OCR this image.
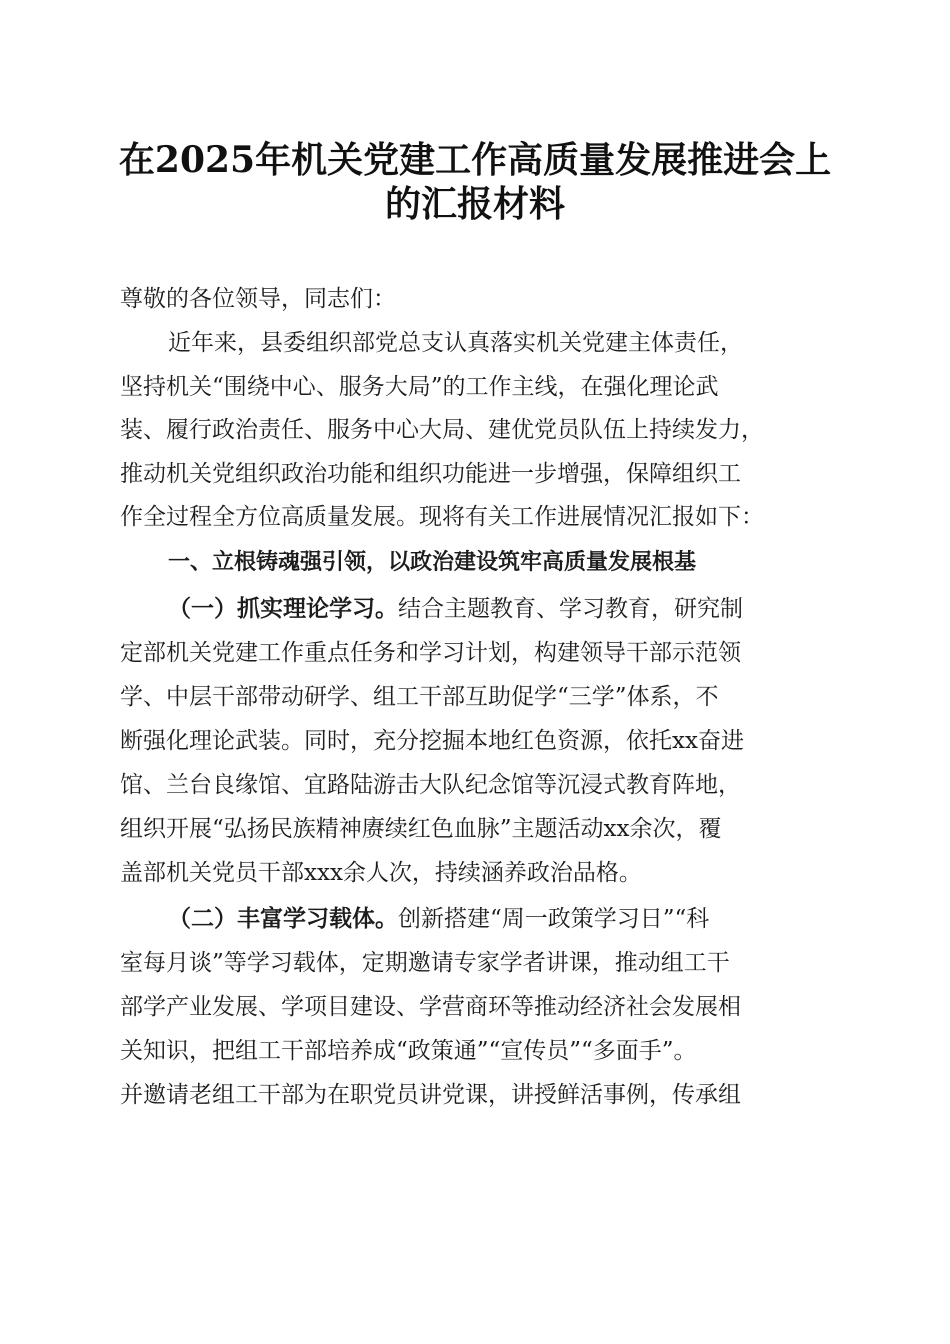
在2025年机关党建工作高质量发展推进会上
的汇报材料

尊敬的各位领导，同志们：

近年来，县委组织部党总支认真落实机关党建主体责任，

坚持机关“围绕中心、服务大局”的工作主线，在强化理论武

装、履行政治责任、服务中心大局、建优党员队伍上持续发力，

推动机关党组织政治功能和组织功能进一步增强，保障组织工

作全过程全方位高质量发展。现将有关工作进展情况汇报如下：

一、立根铸魂强引领，以政治建设筑牢高质量发展根基

（一）抓实理论学习。结合主题教育、学习教育，研究制

定部机关党建工作重点任务和学习计划，构建领导干部示范领

学、中层干部带动研学、组工干部互助促学“三学”体系，不

断强化理论武装。同时，充分挖掘本地红色资源，依托xx奋进

馆、兰台良缘馆、宜路陆游击大队纪念馆等沉浸式教育阵地，

组织开展“弘扬民族精神赓续红色血脉”主题活动xx余次，覆

盖部机关党员干部xxx余人次，持续涵养政治品格。

（二）丰富学习载体。创新搭建“周一政策学习日”“科

室每月谈”等学习载体，定期邀请专家学者讲课，推动组工干

部学产业发展、学项目建设、学营商环等推动经济社会发展相

关知识，把组工干部培养成“政策通”“宣传员”“多面手”。

并邀请老组工干部为在职党员讲党课，讲授鲜活事例，传承组
